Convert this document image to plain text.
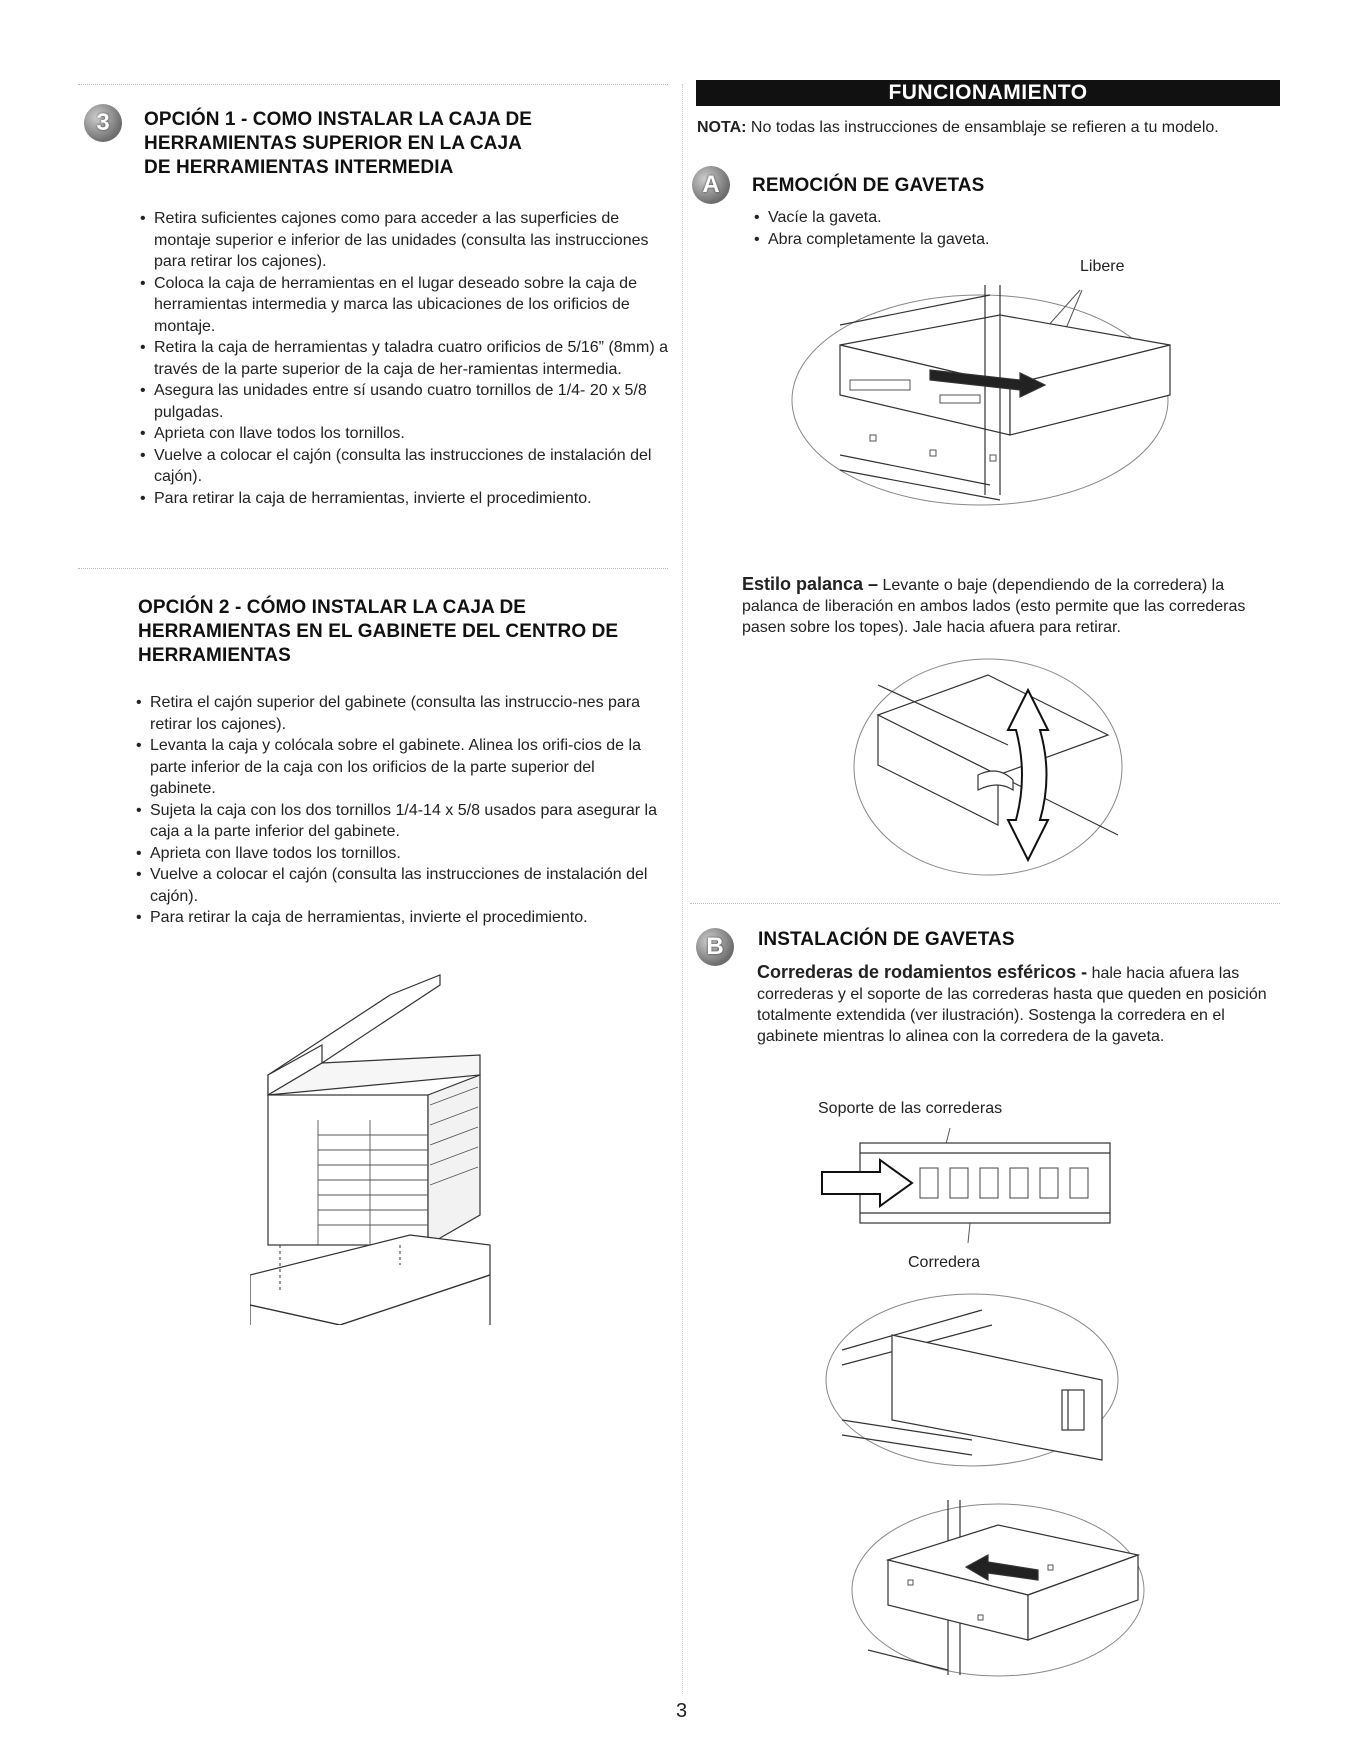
3	OPCIÓN 1 - COMO INSTALAR LA CAJA DE
HERRAMIENTAS SUPERIOR EN LA CAJA
DE HERRAMIENTAS INTERMEDIA
• Retira suficientes cajones como para acceder a las superficies de montaje superior e inferior de las unidades (consulta las instrucciones para retirar los cajones).
• Coloca la caja de herramientas en el lugar deseado sobre la caja de herramientas intermedia y marca las ubicaciones de los orificios de montaje.
• Retira la caja de herramientas y taladra cuatro orificios de 5/16” (8mm) a través de la parte superior de la caja de her-ramientas intermedia.
• Asegura las unidades entre sí usando cuatro tornillos de 1/4- 20 x 5/8 pulgadas.
• Aprieta con llave todos los tornillos.
• Vuelve a colocar el cajón (consulta las instrucciones de instalación del cajón).
• Para retirar la caja de herramientas, invierte el procedimiento.
OPCIÓN 2 - CÓMO INSTALAR LA CAJA DE
HERRAMIENTAS EN EL GABINETE DEL CENTRO DE
HERRAMIENTAS
• Retira el cajón superior del gabinete (consulta las instruccio-nes para retirar los cajones).
• Levanta la caja y colócala sobre el gabinete. Alinea los orifi-cios de la parte inferior de la caja con los orificios de la parte superior del gabinete.
• Sujeta la caja con los dos tornillos 1/4-14 x 5/8 usados para asegurar la caja a la parte inferior del gabinete.
• Aprieta con llave todos los tornillos.
• Vuelve a colocar el cajón (consulta las instrucciones de instalación del cajón).
• Para retirar la caja de herramientas, invierte el procedimiento.
FUNCIONAMIENTO
NOTA: No todas las instrucciones de ensamblaje se refieren a tu modelo.
A	REMOCIÓN DE GAVETAS
• Vacíe la gaveta.
• Abra completamente la gaveta.
Libere
Estilo palanca – Levante o baje (dependiendo de la corredera) la palanca de liberación en ambos lados (esto permite que las correderas pasen sobre los topes). Jale hacia afuera para retirar.
B	INSTALACIÓN DE GAVETAS
Correderas de rodamientos esféricos - hale hacia afuera las correderas y el soporte de las correderas hasta que queden en posición totalmente extendida (ver ilustración). Sostenga la corredera en el gabinete mientras lo alinea con la corredera de la gaveta.
Soporte de las correderas
Corredera
3
